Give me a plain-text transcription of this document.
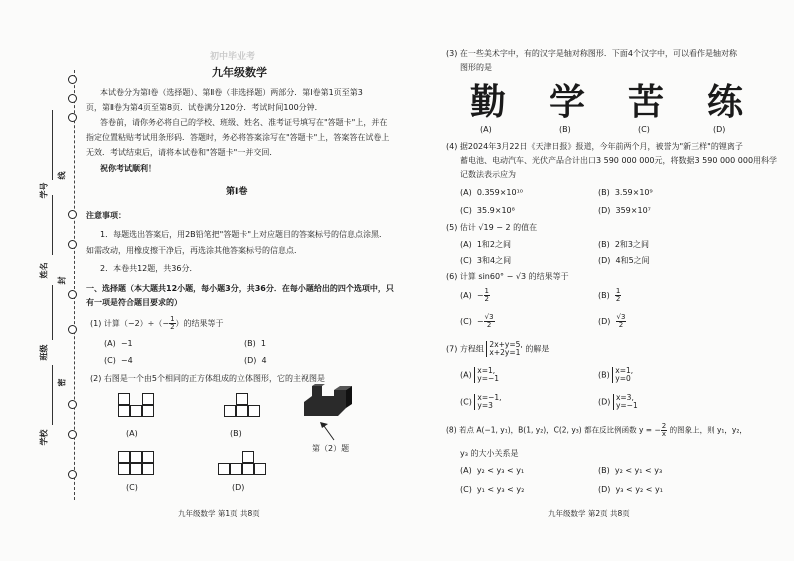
学号
姓名
班级
学校
线
封
密
初中毕业考
九年级数学
本试卷分为第Ⅰ卷（选择题）、第Ⅱ卷（非选择题）两部分．第Ⅰ卷第1页至第3
页，第Ⅱ卷为第4页至第8页．试卷满分120分．考试时间100分钟．
答卷前，请你务必将自己的学校、班级、姓名、准考证号填写在"答题卡"上，并在
指定位置粘贴考试用条形码．答题时，务必将答案涂写在"答题卡"上，答案答在试卷上
无效．考试结束后，请将本试卷和"答题卡"一并交回．
祝你考试顺利！
第Ⅰ卷
注意事项：
1．每题选出答案后，用2B铅笔把"答题卡"上对应题目的答案标号的信息点涂黑．
如需改动，用橡皮擦干净后，再选涂其他答案标号的信息点．
2．本卷共12题，共36分．
一、选择题（本大题共12小题，每小题3分，共36分．在每小题给出的四个选项中，只
有一项是符合题目要求的）
(1) 计算$(-2)\div(- \frac{1}{2}$ ）的结果等于
(A) −1	(B) 1
(C) −4	(D) 4
(2) 右图是一个由5个相同的正方体组成的立体图形，它的主视图是
(A)	(B)
第（2）题
(C)	(D)
九年级数学 第1页 共8页
(3) 在一些美术字中，有的汉字是轴对称图形．下面4个汉字中，可以看作是轴对称
图形的是
勤 学 苦 练
(A)	(B)	(C)	(D)
(4) 据2024年3月22日《天津日报》报道，今年前两个月，被誉为"新三样"的锂离子
蓄电池、电动汽车、光伏产品合计出口3 590 000 000元，将数据3 590 000 000用科学
记数法表示应为
(A) 0.359×10¹⁰	(B) 3.59×10⁹
(C) 35.9×10⁸	(D) 359×10⁷
(5) 估计 √19 − 2 的值在
(A) 1和2之间	(B) 2和3之间
(C) 3和4之间	(D) 4和5之间
(6) 计算 sin60° − √3 的结果等于
$(A) - \frac{1}{2}$	$(B) \frac{1}{2}$
$(C) - \frac{√3}{2}$	$(D) \frac{√3}{2}$
(7) 方程组 2x+y=5,
x+2y=1 的解是
(A) x=1,
y=−1	(B) x=1,
y=0
(C) x=−1,
y=3	(D) x=3,
y=−1
(8) 若点 A(−1, y₁)，B(1, y₂)，C(2, y₃) 都在反比例函数 y = − $\frac{2}{x}$ 的图象上，则 y₁，y₂，
y₃ 的大小关系是
(A) y₂ < y₃ < y₁	(B) y₂ < y₁ < y₃
(C) y₁ < y₃ < y₂	(D) y₃ < y₂ < y₁
九年级数学 第2页 共8页
